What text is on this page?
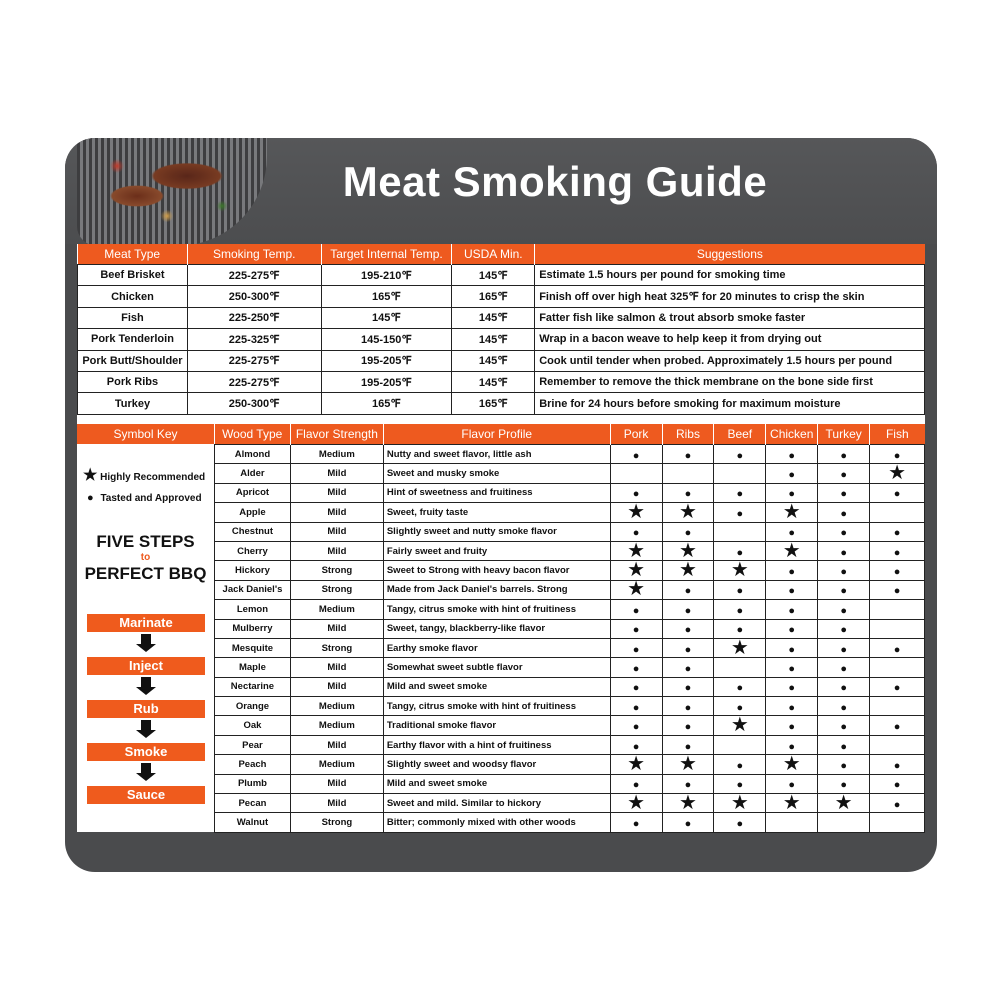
Meat Smoking Guide
Meat Type	Smoking Temp.	Target Internal Temp.	USDA Min.	Suggestions
Beef Brisket	225-275℉	195-210℉	145℉	Estimate 1.5 hours per pound for smoking time
Chicken	250-300℉	165℉	165℉	Finish off over high heat 325℉ for 20 minutes to crisp the skin
Fish	225-250℉	145℉	145℉	Fatter fish like salmon & trout absorb smoke faster
Pork Tenderloin	225-325℉	145-150℉	145℉	Wrap in a bacon weave to help keep it from drying out
Pork Butt/Shoulder	225-275℉	195-205℉	145℉	Cook until tender when probed. Approximately 1.5 hours per pound
Pork Ribs	225-275℉	195-205℉	145℉	Remember to remove the thick membrane on the bone side first
Turkey	250-300℉	165℉	165℉	Brine for 24 hours before smoking for maximum moisture
Symbol Key
★ Highly Recommended
● Tasted and Approved
FIVE STEPS
to
PERFECT BBQ
Marinate
Inject
Rub
Smoke
Sauce
Wood Type	Flavor Strength	Flavor Profile	Pork	Ribs	Beef	Chicken	Turkey	Fish
Almond	Medium	Nutty and sweet flavor, little ash	●	●	●	●	●	●
Alder	Mild	Sweet and musky smoke				●	●	★
Apricot	Mild	Hint of sweetness and fruitiness	●	●	●	●	●	●
Apple	Mild	Sweet, fruity taste	★	★	●	★	●	
Chestnut	Mild	Slightly sweet and nutty smoke flavor	●	●		●	●	●
Cherry	Mild	Fairly sweet and fruity	★	★	●	★	●	●
Hickory	Strong	Sweet to Strong with heavy bacon flavor	★	★	★	●	●	●
Jack Daniel's	Strong	Made from Jack Daniel's barrels. Strong	★	●	●	●	●	●
Lemon	Medium	Tangy, citrus smoke with hint of fruitiness	●	●	●	●	●	
Mulberry	Mild	Sweet, tangy, blackberry-like flavor	●	●	●	●	●	
Mesquite	Strong	Earthy smoke flavor	●	●	★	●	●	●
Maple	Mild	Somewhat sweet subtle flavor	●	●		●	●	
Nectarine	Mild	Mild and sweet smoke	●	●	●	●	●	●
Orange	Medium	Tangy, citrus smoke with hint of fruitiness	●	●	●	●	●	
Oak	Medium	Traditional smoke flavor	●	●	★	●	●	●
Pear	Mild	Earthy flavor with a hint of fruitiness	●	●		●	●	
Peach	Medium	Slightly sweet and woodsy flavor	★	★	●	★	●	●
Plumb	Mild	Mild and sweet smoke	●	●	●	●	●	●
Pecan	Mild	Sweet and mild. Similar to hickory	★	★	★	★	★	●
Walnut	Strong	Bitter; commonly mixed with other woods	●	●	●			
